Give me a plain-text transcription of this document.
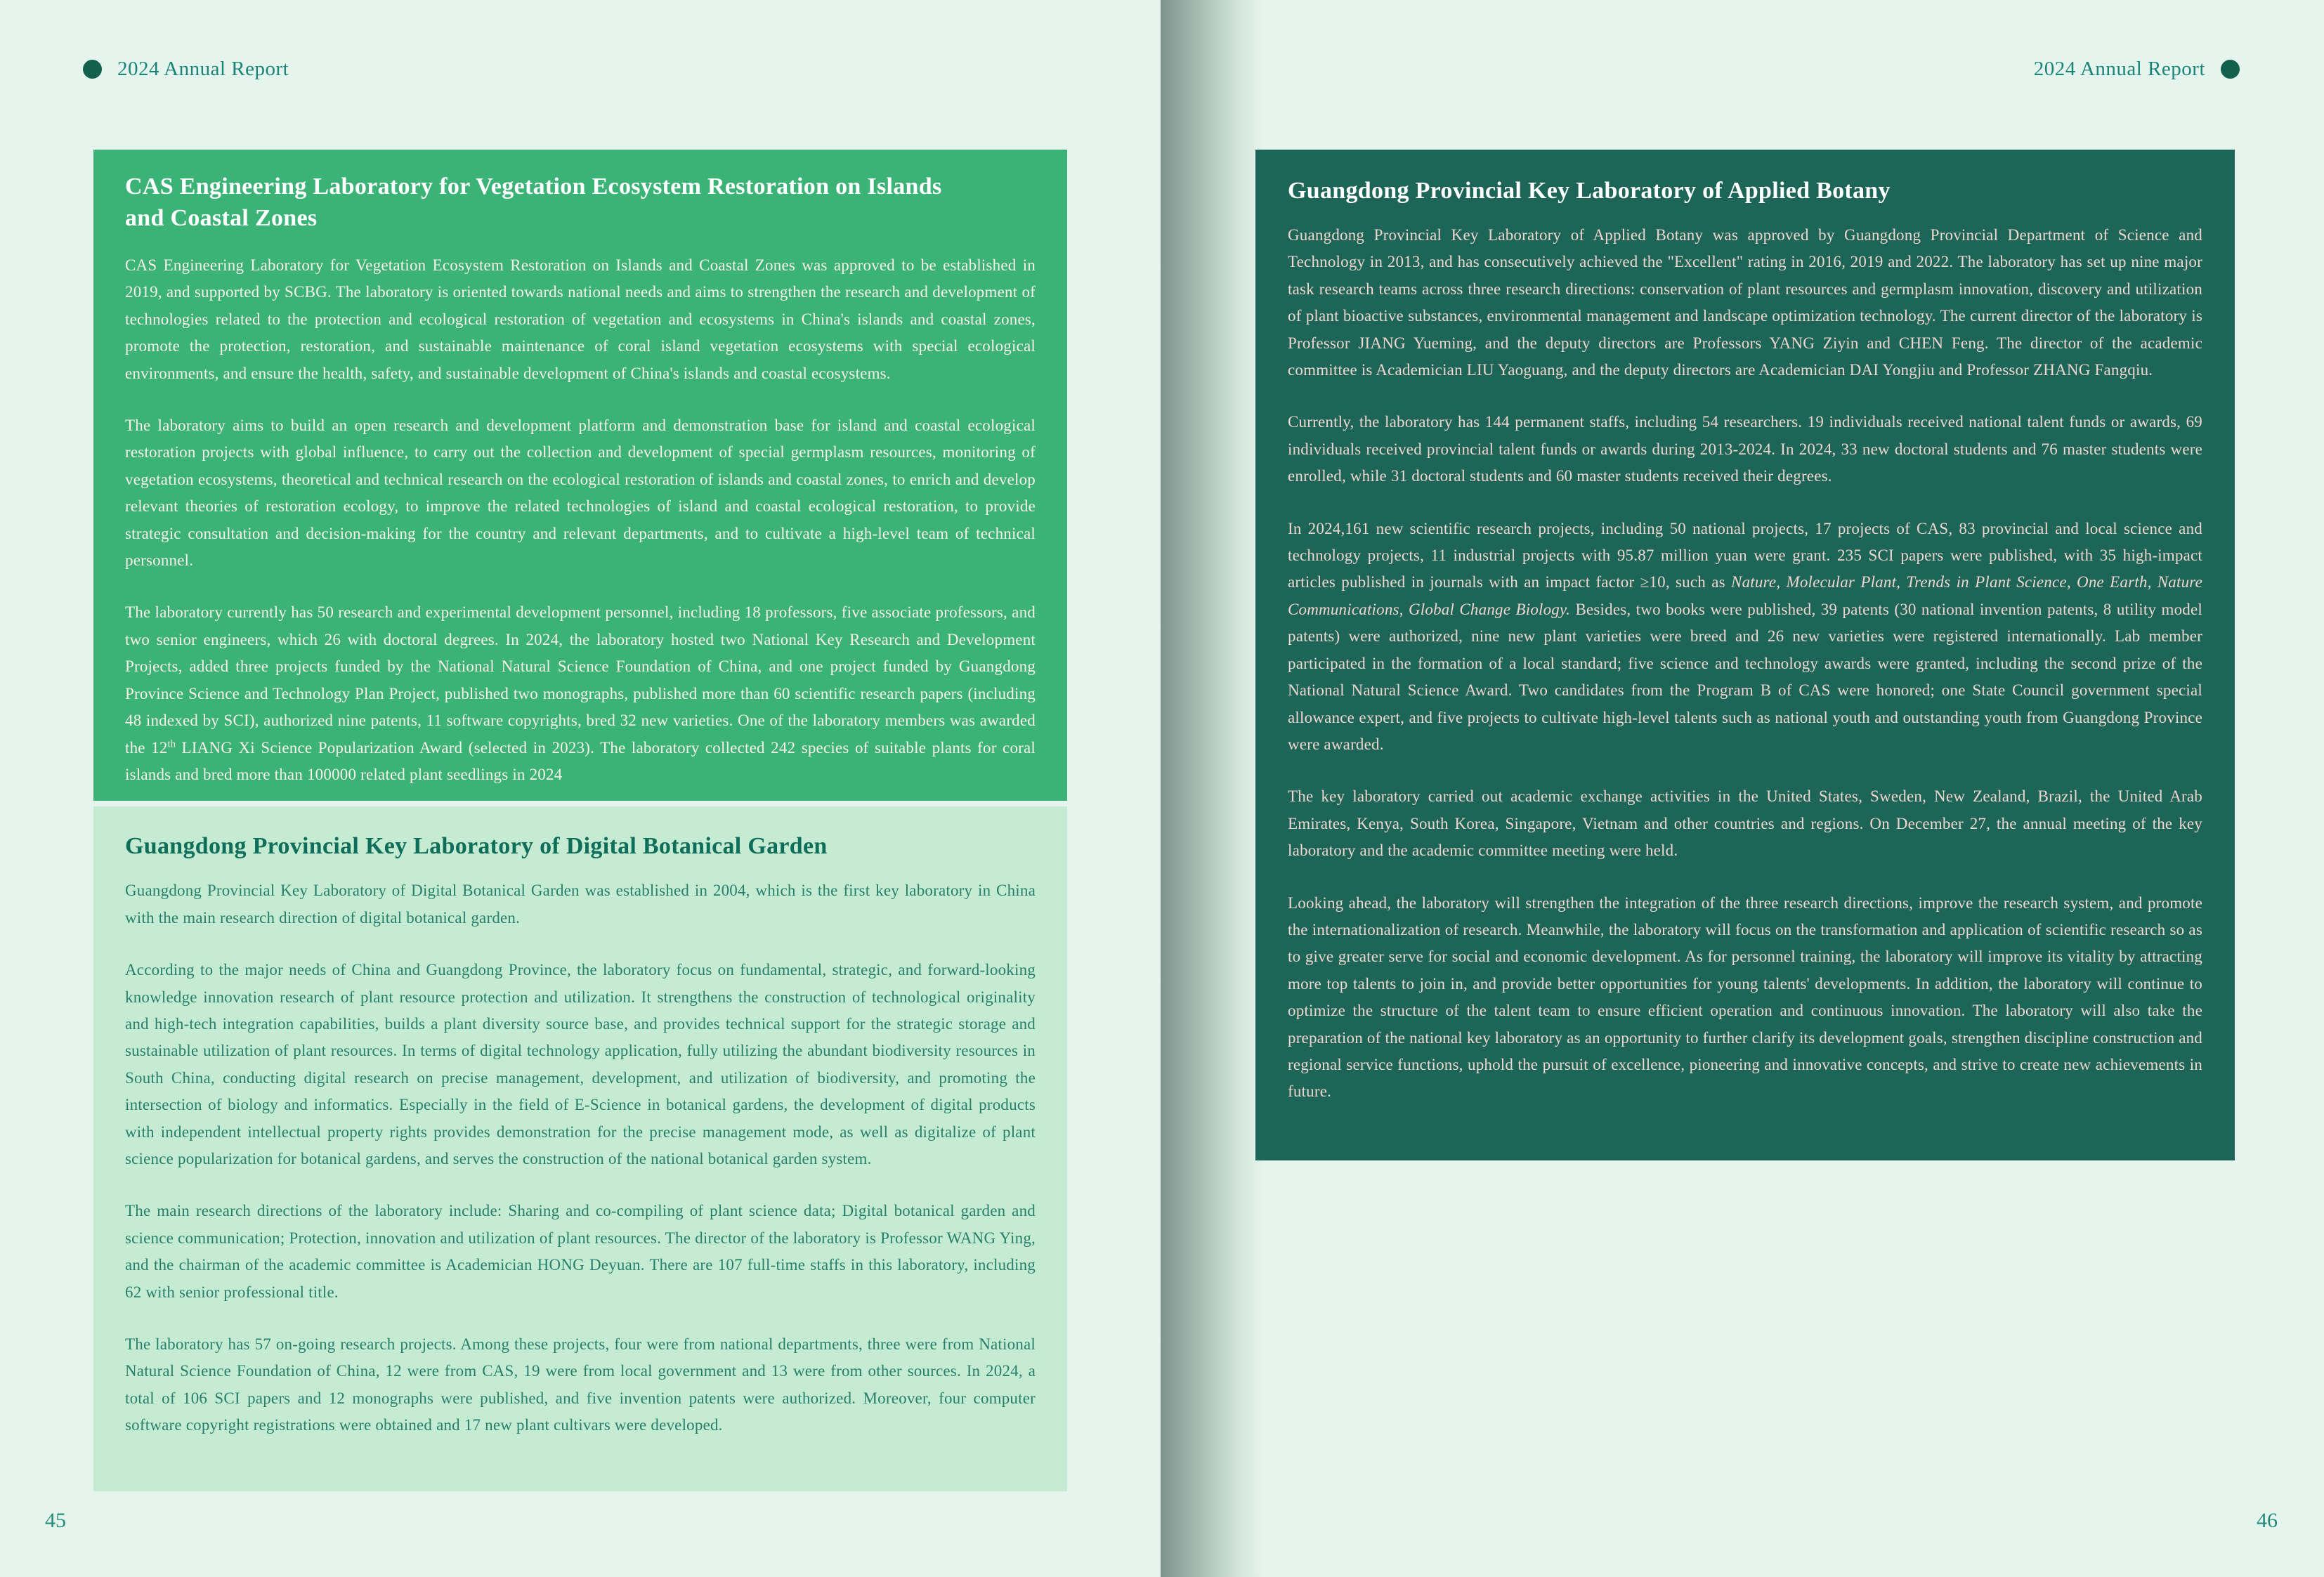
2024 Annual Report	2024 Annual Report
CAS Engineering Laboratory for Vegetation Ecosystem Restoration on Islands
and Coastal Zones

CAS Engineering Laboratory for Vegetation Ecosystem Restoration on Islands and Coastal Zones was approved to be established in 2019, and supported by SCBG. The laboratory is oriented towards national needs and aims to strengthen the research and development of technologies related to the protection and ecological restoration of vegetation and ecosystems in China's islands and coastal zones, promote the protection, restoration, and sustainable maintenance of coral island vegetation ecosystems with special ecological environments, and ensure the health, safety, and sustainable development of China's islands and coastal ecosystems.

The laboratory aims to build an open research and development platform and demonstration base for island and coastal ecological restoration projects with global influence, to carry out the collection and development of special germplasm resources, monitoring of vegetation ecosystems, theoretical and technical research on the ecological restoration of islands and coastal zones, to enrich and develop relevant theories of restoration ecology, to improve the related technologies of island and coastal ecological restoration, to provide strategic consultation and decision-making for the country and relevant departments, and to cultivate a high-level team of technical personnel.

The laboratory currently has 50 research and experimental development personnel, including 18 professors, five associate professors, and two senior engineers, which 26 with doctoral degrees. In 2024, the laboratory hosted two National Key Research and Development Projects, added three projects funded by the National Natural Science Foundation of China, and one project funded by Guangdong Province Science and Technology Plan Project, published two monographs, published more than 60 scientific research papers (including 48 indexed by SCI), authorized nine patents, 11 software copyrights, bred 32 new varieties. One of the laboratory members was awarded the 12th LIANG Xi Science Popularization Award (selected in 2023). The laboratory collected 242 species of suitable plants for coral islands and bred more than 100000 related plant seedlings in 2024

Guangdong Provincial Key Laboratory of Digital Botanical Garden

Guangdong Provincial Key Laboratory of Digital Botanical Garden was established in 2004, which is the first key laboratory in China with the main research direction of digital botanical garden.

According to the major needs of China and Guangdong Province, the laboratory focus on fundamental, strategic, and forward-looking knowledge innovation research of plant resource protection and utilization. It strengthens the construction of technological originality and high-tech integration capabilities, builds a plant diversity source base, and provides technical support for the strategic storage and sustainable utilization of plant resources. In terms of digital technology application, fully utilizing the abundant biodiversity resources in South China, conducting digital research on precise management, development, and utilization of biodiversity, and promoting the intersection of biology and informatics. Especially in the field of E-Science in botanical gardens, the development of digital products with independent intellectual property rights provides demonstration for the precise management mode, as well as digitalize of plant science popularization for botanical gardens, and serves the construction of the national botanical garden system.

The main research directions of the laboratory include: Sharing and co-compiling of plant science data; Digital botanical garden and science communication; Protection, innovation and utilization of plant resources. The director of the laboratory is Professor WANG Ying, and the chairman of the academic committee is Academician HONG Deyuan. There are 107 full-time staffs in this laboratory, including 62 with senior professional title.

The laboratory has 57 on-going research projects. Among these projects, four were from national departments, three were from National Natural Science Foundation of China, 12 were from CAS, 19 were from local government and 13 were from other sources. In 2024, a total of 106 SCI papers and 12 monographs were published, and five invention patents were authorized. Moreover, four computer software copyright registrations were obtained and 17 new plant cultivars were developed.

Guangdong Provincial Key Laboratory of Applied Botany

Guangdong Provincial Key Laboratory of Applied Botany was approved by Guangdong Provincial Department of Science and Technology in 2013, and has consecutively achieved the "Excellent" rating in 2016, 2019 and 2022. The laboratory has set up nine major task research teams across three research directions: conservation of plant resources and germplasm innovation, discovery and utilization of plant bioactive substances, environmental management and landscape optimization technology. The current director of the laboratory is Professor JIANG Yueming, and the deputy directors are Professors YANG Ziyin and CHEN Feng. The director of the academic committee is Academician LIU Yaoguang, and the deputy directors are Academician DAI Yongjiu and Professor ZHANG Fangqiu.

Currently, the laboratory has 144 permanent staffs, including 54 researchers. 19 individuals received national talent funds or awards, 69 individuals received provincial talent funds or awards during 2013-2024. In 2024, 33 new doctoral students and 76 master students were enrolled, while 31 doctoral students and 60 master students received their degrees.

In 2024,161 new scientific research projects, including 50 national projects, 17 projects of CAS, 83 provincial and local science and technology projects, 11 industrial projects with 95.87 million yuan were grant. 235 SCI papers were published, with 35 high-impact articles published in journals with an impact factor ≥10, such as Nature, Molecular Plant, Trends in Plant Science, One Earth, Nature Communications, Global Change Biology. Besides, two books were published, 39 patents (30 national invention patents, 8 utility model patents) were authorized, nine new plant varieties were breed and 26 new varieties were registered internationally. Lab member participated in the formation of a local standard; five science and technology awards were granted, including the second prize of the National Natural Science Award. Two candidates from the Program B of CAS were honored; one State Council government special allowance expert, and five projects to cultivate high-level talents such as national youth and outstanding youth from Guangdong Province were awarded.

The key laboratory carried out academic exchange activities in the United States, Sweden, New Zealand, Brazil, the United Arab Emirates, Kenya, South Korea, Singapore, Vietnam and other countries and regions. On December 27, the annual meeting of the key laboratory and the academic committee meeting were held.

Looking ahead, the laboratory will strengthen the integration of the three research directions, improve the research system, and promote the internationalization of research. Meanwhile, the laboratory will focus on the transformation and application of scientific research so as to give greater serve for social and economic development. As for personnel training, the laboratory will improve its vitality by attracting more top talents to join in, and provide better opportunities for young talents' developments. In addition, the laboratory will continue to optimize the structure of the talent team to ensure efficient operation and continuous innovation. The laboratory will also take the preparation of the national key laboratory as an opportunity to further clarify its development goals, strengthen discipline construction and regional service functions, uphold the pursuit of excellence, pioneering and innovative concepts, and strive to create new achievements in future.

45	46
